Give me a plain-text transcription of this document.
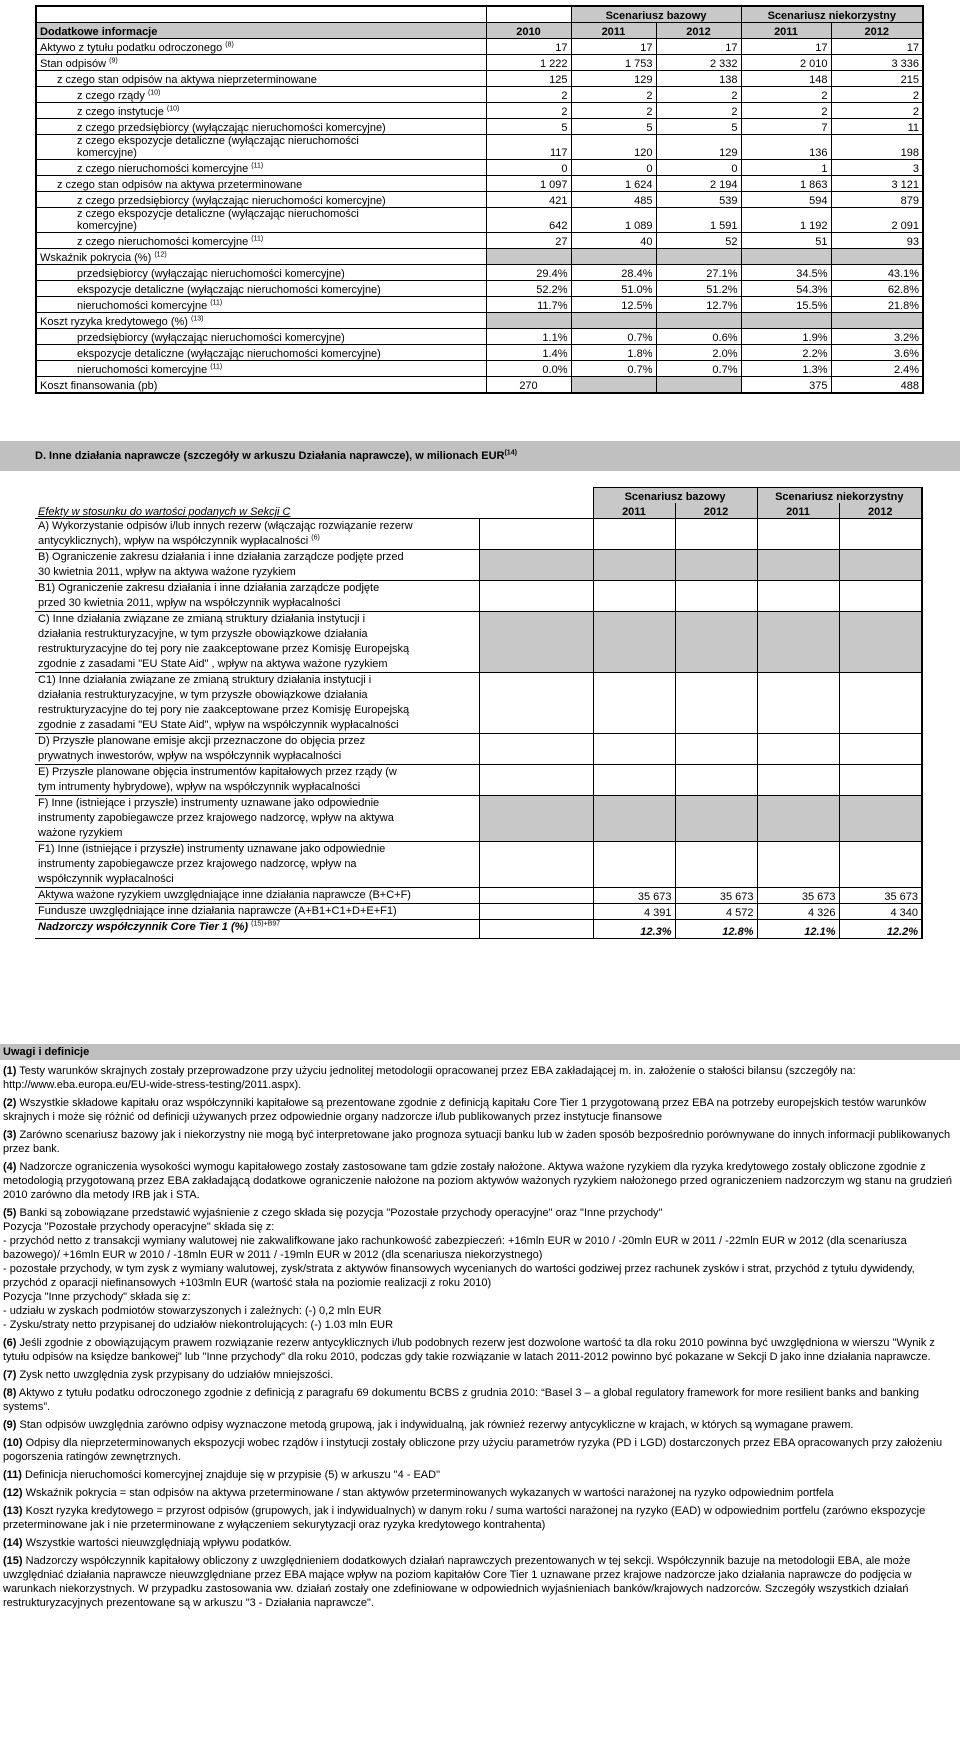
		Scenariusz bazowy		Scenariusz niekorzystny	
Dodatkowe informacje	2010	2011	2012	2011	2012
Aktywo z tytułu podatku odroczonego $^{(8)}$	17	17	17	17	17
Stan odpisów $^{(9)}$	1 222	1 753	2 332	2 010	3 336
z czego stan odpisów na aktywa nieprzeterminowane	125	129	138	148	215
z czego rządy $^{(10)}$	2	2	2	2	2
z czego instytucje $^{(10)}$	2	2	2	2	2
z czego przedsiębiorcy (wyłączając nieruchomości komercyjne)	5	5	5	7	11
z czego ekspozycje detaliczne (wyłączając nieruchomości
komercyjne)	117	120	129	136	198
z czego nieruchomości komercyjne $^{(11)}$	0	0	0	1	3
z czego stan odpisów na aktywa przeterminowane	1 097	1 624	2 194	1 863	3 121
z czego przedsiębiorcy (wyłączając nieruchomości komercyjne)	421	485	539	594	879
z czego ekspozycje detaliczne (wyłączając nieruchomości
komercyjne)	642	1 089	1 591	1 192	2 091
z czego nieruchomości komercyjne $^{(11)}$	27	40	52	51	93
Wskaźnik pokrycia (%) $^{(12)}$					
przedsiębiorcy (wyłączając nieruchomości komercyjne)	29.4%	28.4%	27.1%	34.5%	43.1%
ekspozycje detaliczne (wyłączając nieruchomości komercyjne)	52.2%	51.0%	51.2%	54.3%	62.8%
nieruchomości komercyjne $^{(11)}$	11.7%	12.5%	12.7%	15.5%	21.8%
Koszt ryzyka kredytowego (%) $^{(13)}$					
przedsiębiorcy (wyłączając nieruchomości komercyjne)	1.1%	0.7%	0.6%	1.9%	3.2%
ekspozycje detaliczne (wyłączając nieruchomości komercyjne)	1.4%	1.8%	2.0%	2.2%	3.6%
nieruchomości komercyjne $^{(11)}$	0.0%	0.7%	0.7%	1.3%	2.4%
Koszt finansowania (pb)	270			375	488
D. Inne działania naprawcze (szczegóły w arkuszu Działania naprawcze), w milionach EUR$^{(14)}$
		Scenariusz bazowy		Scenariusz niekorzystny	
Efekty w stosunku do wartości podanych w Sekcji C		2011	2012	2011	2012
A) Wykorzystanie odpisów i/lub innych rezerw (włączając rozwiązanie rezerw
antycyklicznych), wpływ na współczynnik wypłacalności $^{(6)}$					
B) Ograniczenie zakresu działania i inne działania zarządcze podjęte przed
30 kwietnia 2011, wpływ na aktywa ważone ryzykiem					
B1) Ograniczenie zakresu działania i inne działania zarządcze podjęte
przed 30 kwietnia 2011, wpływ na współczynnik wypłacalności

C) Inne działania związane ze zmianą struktury działania instytucji i
działania restrukturyzacyjne, w tym przyszłe obowiązkowe działania
restrukturyzacyjne do tej pory nie zaakceptowane przez Komisję Europejską
zgodnie z zasadami "EU State Aid" , wpływ na aktywa ważone ryzykiem

C1) Inne działania związane ze zmianą struktury działania instytucji i
działania restrukturyzacyjne, w tym przyszłe obowiązkowe działania
restrukturyzacyjne do tej pory nie zaakceptowane przez Komisję Europejską
zgodnie z zasadami "EU State Aid", wpływ na współczynnik wypłacalności					
D) Przyszłe planowane emisje akcji przeznaczone do objęcia przez
prywatnych inwestorów, wpływ na współczynnik wypłacalności					
E) Przyszłe planowane objęcia instrumentów kapitałowych przez rządy (w
tym intrumenty hybrydowe), wpływ na współczynnik wypłacalności					
F) Inne (istniejące i przyszłe) instrumenty uznawane jako odpowiednie
instrumenty zapobiegawcze przez krajowego nadzorcę, wpływ na aktywa
ważone ryzykiem					
F1) Inne (istniejące i przyszłe) instrumenty uznawane jako odpowiednie
instrumenty zapobiegawcze przez krajowego nadzorcę, wpływ na
współczynnik wypłacalności					
Aktywa ważone ryzykiem uwzględniające inne działania naprawcze (B+C+F)		35 673	35 673	35 673	35 673
Fundusze uwzględniające inne działania naprawcze (A+B1+C1+D+E+F1)		4 391	4 572	4 326	4 340
Nadzorczy współczynnik Core Tier 1 (%) $^{(15)+B97}$		12.3%	12.8%	12.1%	12.2%
Uwagi i definicje

(1) Testy warunków skrajnych zostały przeprowadzone przy użyciu jednolitej metodologii opracowanej przez EBA zakładającej m. in. założenie o stałości bilansu (szczegóły na: http://www.eba.europa.eu/EU-wide-stress-testing/2011.aspx).

(2) Wszystkie składowe kapitału oraz współczynniki kapitałowe są prezentowane zgodnie z definicją kapitału Core Tier 1 przygotowaną przez EBA na potrzeby europejskich testów warunków skrajnych i może się różnić od definicji używanych przez odpowiednie organy nadzorcze i/lub publikowanych przez instytucje finansowe

(3) Zarówno scenariusz bazowy jak i niekorzystny nie mogą być interpretowane jako prognoza sytuacji banku lub w żaden sposób bezpośrednio porównywane do innych informacji publikowanych przez bank.

(4) Nadzorcze ograniczenia wysokości wymogu kapitałowego zostały zastosowane tam gdzie zostały nałożone. Aktywa ważone ryzykiem dla ryzyka kredytowego zostały obliczone zgodnie z metodologią przygotowaną przez EBA zakładającą dodatkowe ograniczenie nałożone na poziom aktywów ważonych ryzykiem nałożonego przed ograniczeniem nadzorczym wg stanu na grudzień 2010 zarówno dla metody IRB jak i STA.

(5) Banki są zobowiązane przedstawić wyjaśnienie z czego składa się pozycja "Pozostałe przychody operacyjne" oraz "Inne przychody"
Pozycja "Pozostałe przychody operacyjne" składa się z:
- przychód netto z transakcji wymiany walutowej nie zakwalifkowane jako rachunkowość zabezpieczeń: +16mln EUR w 2010 / -20mln EUR w 2011 / -22mln EUR w 2012 (dla scenariusza bazowego)/ +16mln EUR w 2010 / -18mln EUR w 2011 / -19mln EUR w 2012 (dla scenariusza niekorzystnego)
- pozostałe przychody, w tym zysk z wymiany walutowej, zysk/strata z aktywów finansowych wycenianych do wartości godziwej przez rachunek zysków i strat, przychód z tytułu dywidendy, przychód z oparacji niefinansowych +103mln EUR (wartość stała na poziomie realizacji z roku 2010)
Pozycja "Inne przychody" składa się z:
- udziału w zyskach podmiotów stowarzyszonych i zależnych: (-) 0,2 mln EUR
- Zysku/straty netto przypisanej do udziałów niekontrolujących: (-) 1.03 mln EUR

(6) Jeśli zgodnie z obowiązującym prawem rozwiązanie rezerw antycyklicznych i/lub podobnych rezerw jest dozwolone wartość ta dla roku 2010 powinna być uwzględniona w wierszu "Wynik z tytułu odpisów na księdze bankowej" lub "Inne przychody" dla roku 2010, podczas gdy takie rozwiązanie w latach 2011-2012 powinno być pokazane w Sekcji D jako inne działania naprawcze.

(7) Zysk netto uwzględnia zysk przypisany do udziałów mniejszości.

(8) Aktywo z tytułu podatku odroczonego zgodnie z definicją z paragrafu 69 dokumentu BCBS z grudnia 2010: “Basel 3 – a global regulatory framework for more resilient banks and banking systems”.

(9) Stan odpisów uwzględnia zarówno odpisy wyznaczone metodą grupową, jak i indywidualną, jak również rezerwy antycykliczne w krajach, w których są wymagane prawem.

(10) Odpisy dla nieprzeterminowanych ekspozycji wobec rządów i instytucji zostały obliczone przy użyciu parametrów ryzyka (PD i LGD) dostarczonych przez EBA opracowanych przy założeniu pogorszenia ratingów zewnętrznych.

(11) Definicja nieruchomości komercyjnej znajduje się w przypisie (5) w arkuszu "4 - EAD"

(12) Wskaźnik pokrycia = stan odpisów na aktywa przeterminowane / stan aktywów przeterminowanych wykazanych w wartości narażonej na ryzyko odpowiednim portfela

(13) Koszt ryzyka kredytowego = przyrost odpisów (grupowych, jak i indywidualnych) w danym roku / suma wartości narażonej na ryzyko (EAD) w odpowiednim portfelu (zarówno ekspozycje przeterminowane jak i nie przeterminowane z wyłączeniem sekurytyzacji oraz ryzyka kredytowego kontrahenta)

(14) Wszystkie wartości nieuwzględniają wpływu podatków.

(15) Nadzorczy współczynnik kapitałowy obliczony z uwzględnieniem dodatkowych działań naprawczych prezentowanych w tej sekcji. Współczynnik bazuje na metodologii EBA, ale może uwzględniać działania naprawcze nieuwzględniane przez EBA mające wpływ na poziom kapitałów Core Tier 1 uznawane przez krajowe nadzorcze jako działania naprawcze do podjęcia w warunkach niekorzystnych. W przypadku zastosowania ww. działań zostały one zdefiniowane w odpowiednich wyjaśnieniach banków/krajowych nadzorców. Szczegóły wszystkich działań restrukturyzacyjnych prezentowane są w arkuszu "3 - Działania naprawcze".
